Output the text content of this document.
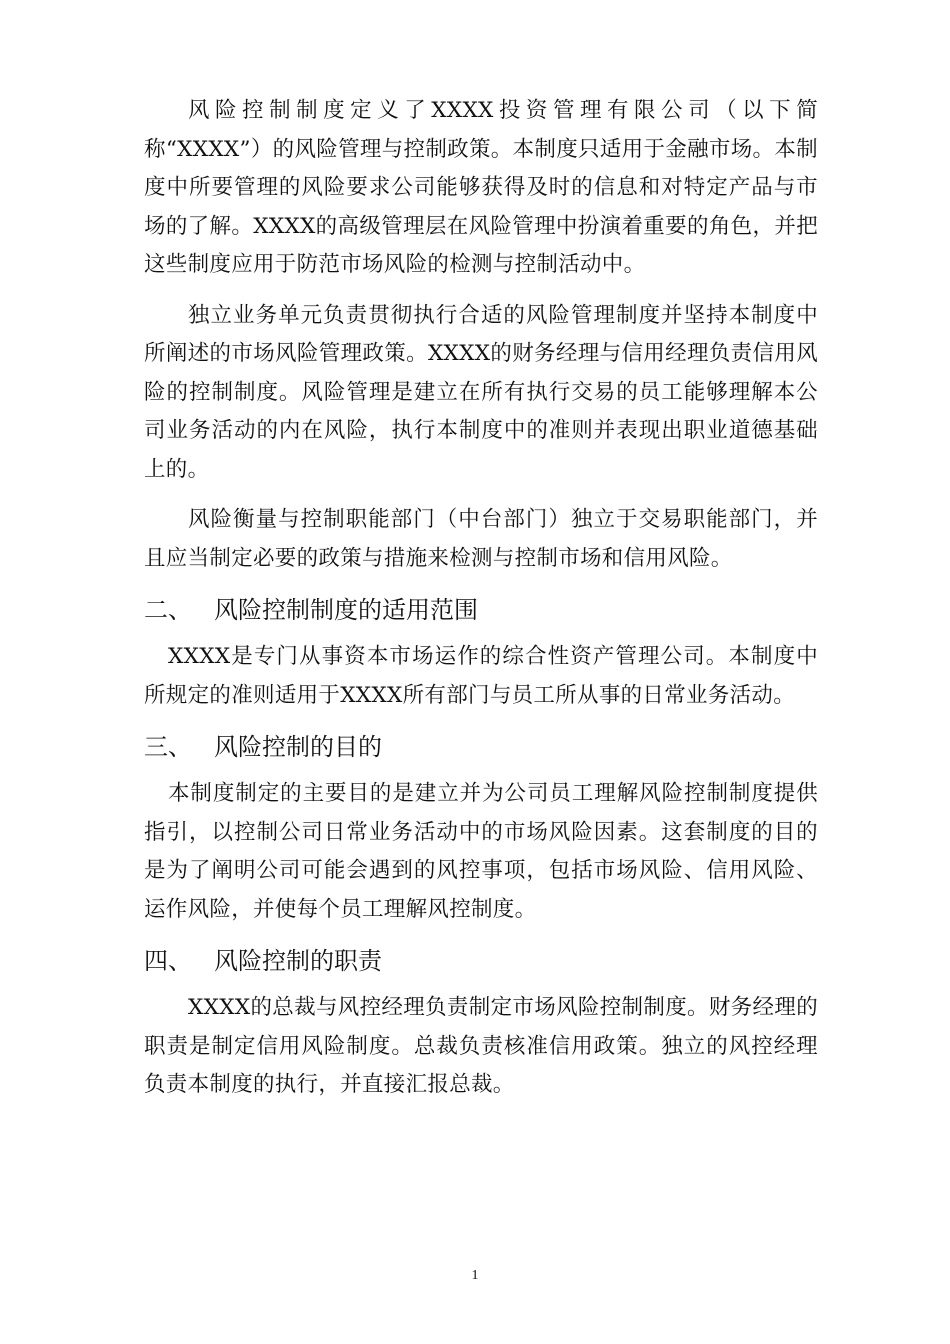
风险控制制度定义了XXXX投资管理有限公司（以下简称“XXXX”）的风险管理与控制政策。本制度只适用于金融市场。本制度中所要管理的风险要求公司能够获得及时的信息和对特定产品与市场的了解。XXXX的高级管理层在风险管理中扮演着重要的角色，并把这些制度应用于防范市场风险的检测与控制活动中。

独立业务单元负责贯彻执行合适的风险管理制度并坚持本制度中所阐述的市场风险管理政策。XXXX的财务经理与信用经理负责信用风险的控制制度。风险管理是建立在所有执行交易的员工能够理解本公司业务活动的内在风险，执行本制度中的准则并表现出职业道德基础上的。

风险衡量与控制职能部门（中台部门）独立于交易职能部门，并且应当制定必要的政策与措施来检测与控制市场和信用风险。

二、 风险控制制度的适用范围

XXXX是专门从事资本市场运作的综合性资产管理公司。本制度中所规定的准则适用于XXXX所有部门与员工所从事的日常业务活动。

三、 风险控制的目的

本制度制定的主要目的是建立并为公司员工理解风险控制制度提供指引，以控制公司日常业务活动中的市场风险因素。这套制度的目的是为了阐明公司可能会遇到的风控事项，包括市场风险、信用风险、运作风险，并使每个员工理解风控制度。

四、 风险控制的职责

XXXX的总裁与风控经理负责制定市场风险控制制度。财务经理的职责是制定信用风险制度。总裁负责核准信用政策。独立的风控经理负责本制度的执行，并直接汇报总裁。

1
